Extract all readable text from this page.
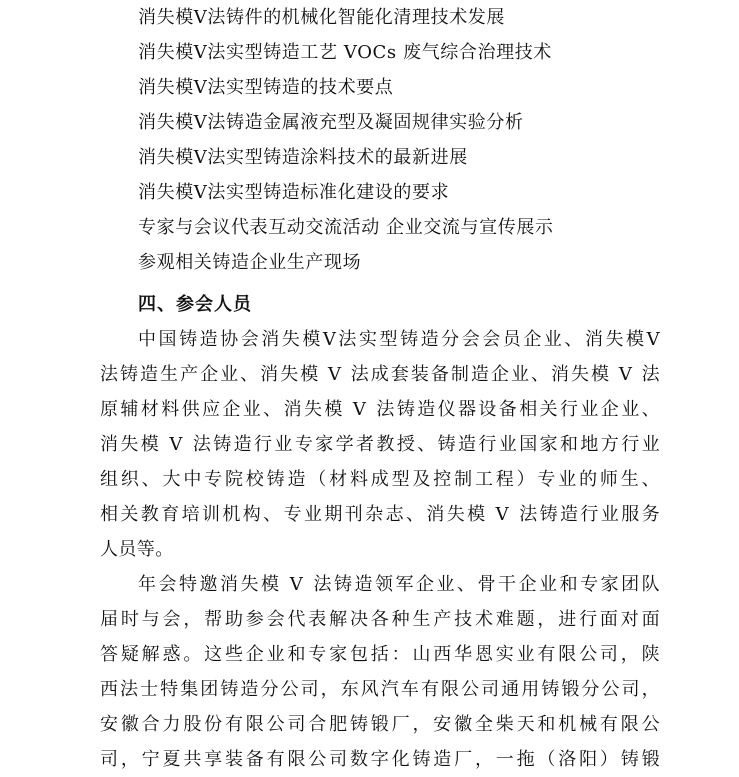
消失模Ⅴ法铸件的机械化智能化清理技术发展
消失模Ⅴ法实型铸造工艺 VOCs 废气综合治理技术
消失模Ⅴ法实型铸造的技术要点
消失模Ⅴ法铸造金属液充型及凝固规律实验分析
消失模Ⅴ法实型铸造涂料技术的最新进展
消失模Ⅴ法实型铸造标准化建设的要求
专家与会议代表互动交流活动 企业交流与宣传展示
参观相关铸造企业生产现场
四、参会人员
中国铸造协会消失模Ⅴ法实型铸造分会会员企业、消失模Ⅴ
法铸造生产企业、消失模 Ⅴ 法成套装备制造企业、消失模 Ⅴ 法
原辅材料供应企业、消失模 Ⅴ 法铸造仪器设备相关行业企业、
消失模 Ⅴ 法铸造行业专家学者教授、铸造行业国家和地方行业
组织、大中专院校铸造（材料成型及控制工程）专业的师生、
相关教育培训机构、专业期刊杂志、消失模 Ⅴ 法铸造行业服务
人员等。
年会特邀消失模 Ⅴ 法铸造领军企业、骨干企业和专家团队
届时与会，帮助参会代表解决各种生产技术难题，进行面对面
答疑解惑。这些企业和专家包括：山西华恩实业有限公司，陕
西法士特集团铸造分公司，东风汽车有限公司通用铸锻分公司，
安徽合力股份有限公司合肥铸锻厂，安徽全柴天和机械有限公
司，宁夏共享装备有限公司数字化铸造厂，一拖（洛阳）铸锻
